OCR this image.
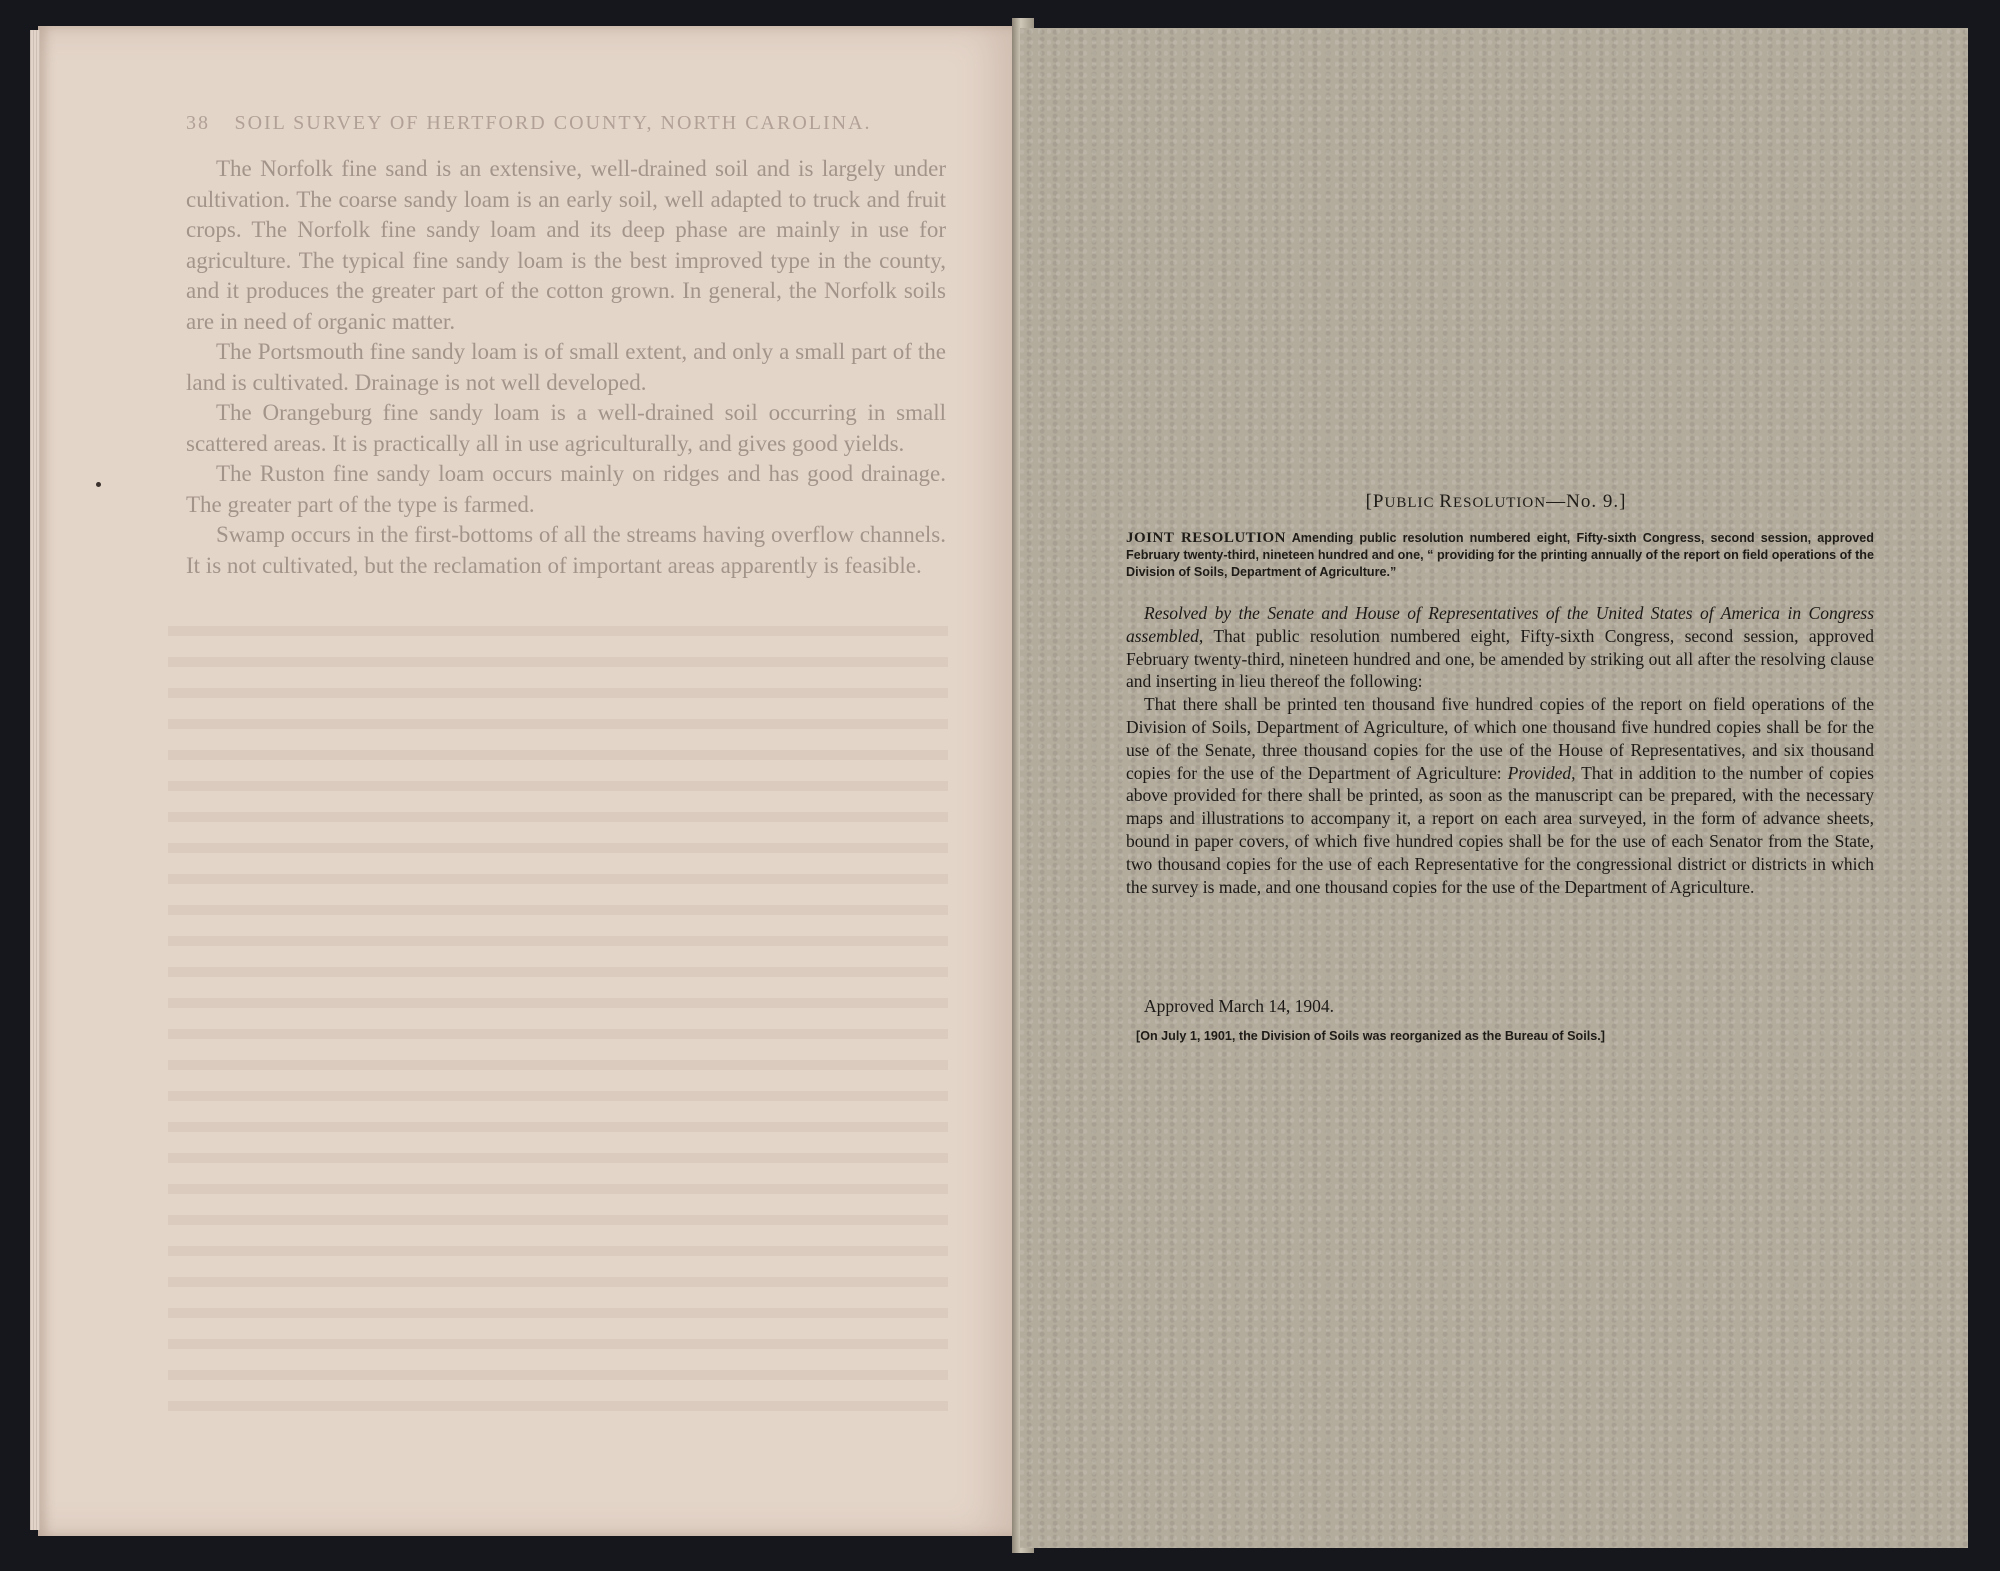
38 SOIL SURVEY OF HERTFORD COUNTY, NORTH CAROLINA.

The Norfolk fine sand is an extensive, well-drained soil and is largely under cultivation. The coarse sandy loam is an early soil, well adapted to truck and fruit crops. The Norfolk fine sandy loam and its deep phase are mainly in use for agriculture. The typical fine sandy loam is the best improved type in the county, and it produces the greater part of the cotton grown. In general, the Norfolk soils are in need of organic matter.

The Portsmouth fine sandy loam is of small extent, and only a small part of the land is cultivated. Drainage is not well developed.

The Orangeburg fine sandy loam is a well-drained soil occurring in small scattered areas. It is practically all in use agriculturally, and gives good yields.

The Ruston fine sandy loam occurs mainly on ridges and has good drainage. The greater part of the type is farmed.

Swamp occurs in the first-bottoms of all the streams having overflow channels. It is not cultivated, but the reclamation of important areas apparently is feasible.

[PUBLIC RESOLUTION—No. 9.]
JOINT RESOLUTION Amending public resolution numbered eight, Fifty-sixth Congress, second session, approved February twenty-third, nineteen hundred and one, “ providing for the printing annually of the report on field operations of the Division of Soils, Department of Agriculture.”

Resolved by the Senate and House of Representatives of the United States of America in Congress assembled, That public resolution numbered eight, Fifty-sixth Congress, second session, approved February twenty-third, nineteen hundred and one, be amended by striking out all after the resolving clause and inserting in lieu thereof the following:

That there shall be printed ten thousand five hundred copies of the report on field operations of the Division of Soils, Department of Agriculture, of which one thousand five hundred copies shall be for the use of the Senate, three thousand copies for the use of the House of Representatives, and six thousand copies for the use of the Department of Agriculture: Provided, That in addition to the number of copies above provided for there shall be printed, as soon as the manuscript can be prepared, with the necessary maps and illustrations to accompany it, a report on each area surveyed, in the form of advance sheets, bound in paper covers, of which five hundred copies shall be for the use of each Senator from the State, two thousand copies for the use of each Representative for the congressional district or districts in which the survey is made, and one thousand copies for the use of the Department of Agriculture.

Approved March 14, 1904.
[On July 1, 1901, the Division of Soils was reorganized as the Bureau of Soils.]
